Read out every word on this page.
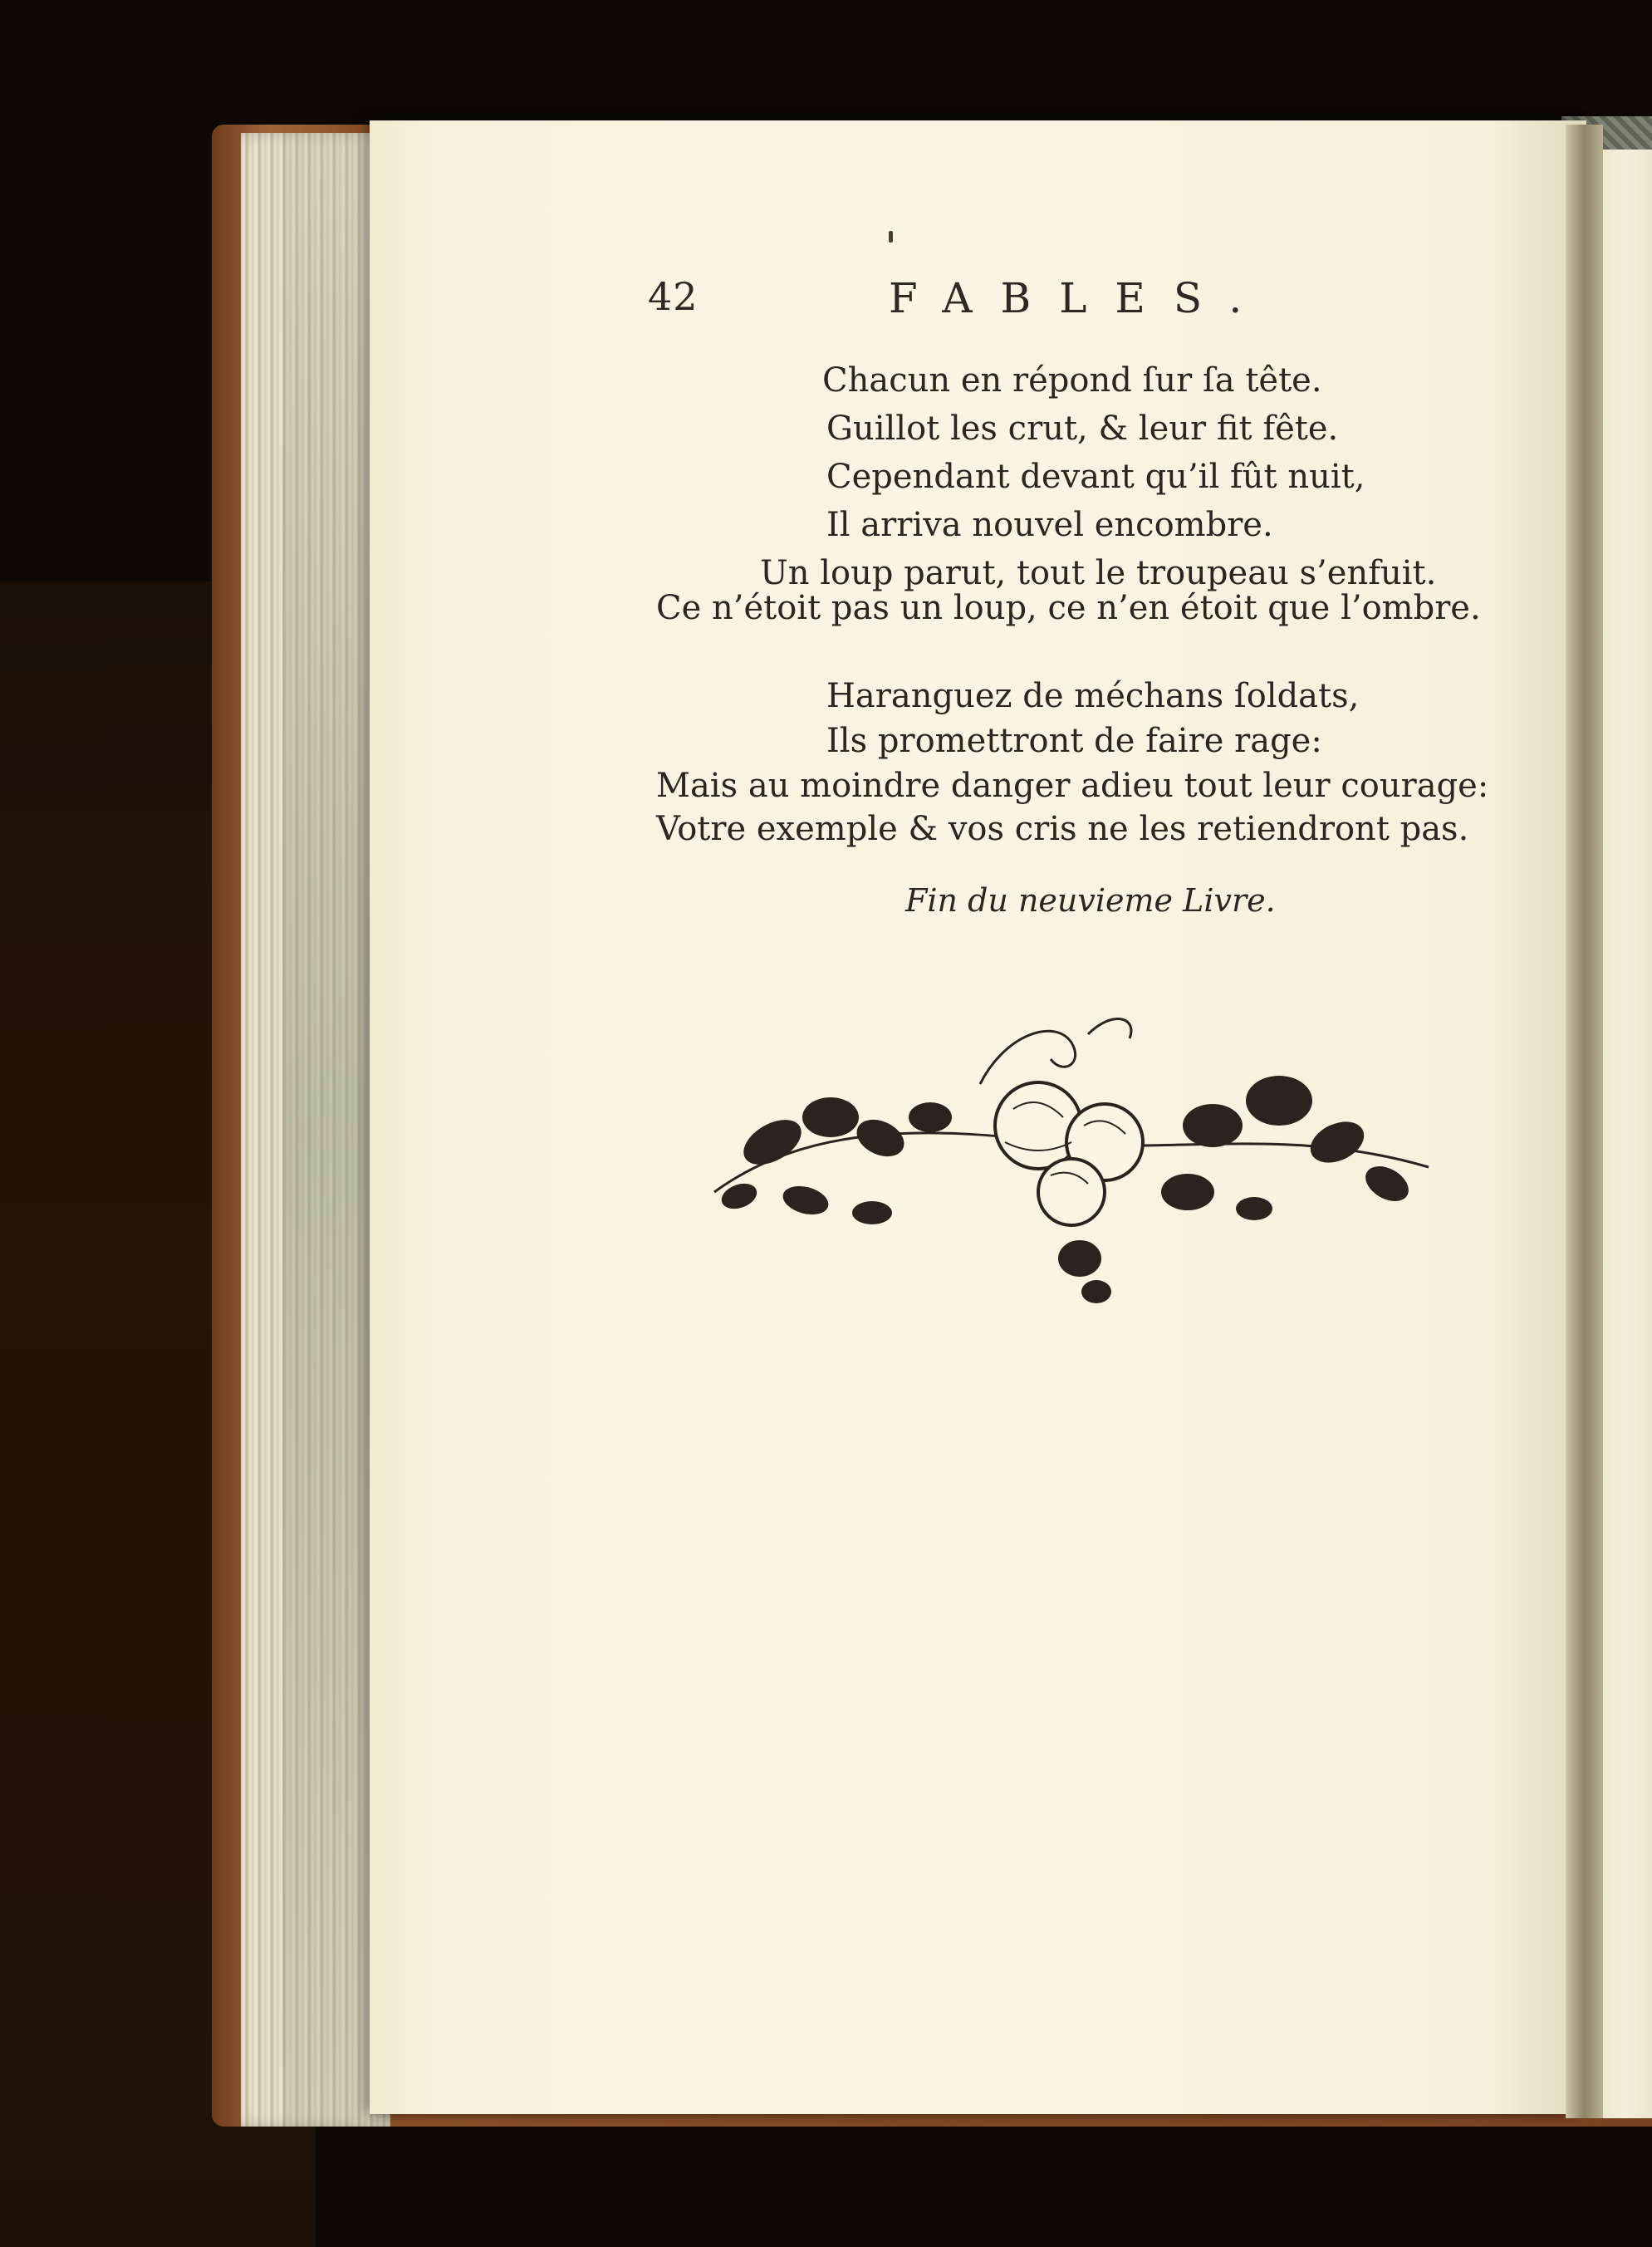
42	FABLES.
Chacun en répond ſur ſa tête.
Guillot les crut, & leur fit fête.
Cependant devant qu’il fût nuit,
Il arriva nouvel encombre.
Un loup parut, tout le troupeau s’enfuit.
Ce n’étoit pas un loup, ce n’en étoit que l’ombre.
Haranguez de méchans ſoldats,
Ils promettront de faire rage:
Mais au moindre danger adieu tout leur courage:
Votre exemple & vos cris ne les retiendront pas.
Fin du neuvieme Livre.
